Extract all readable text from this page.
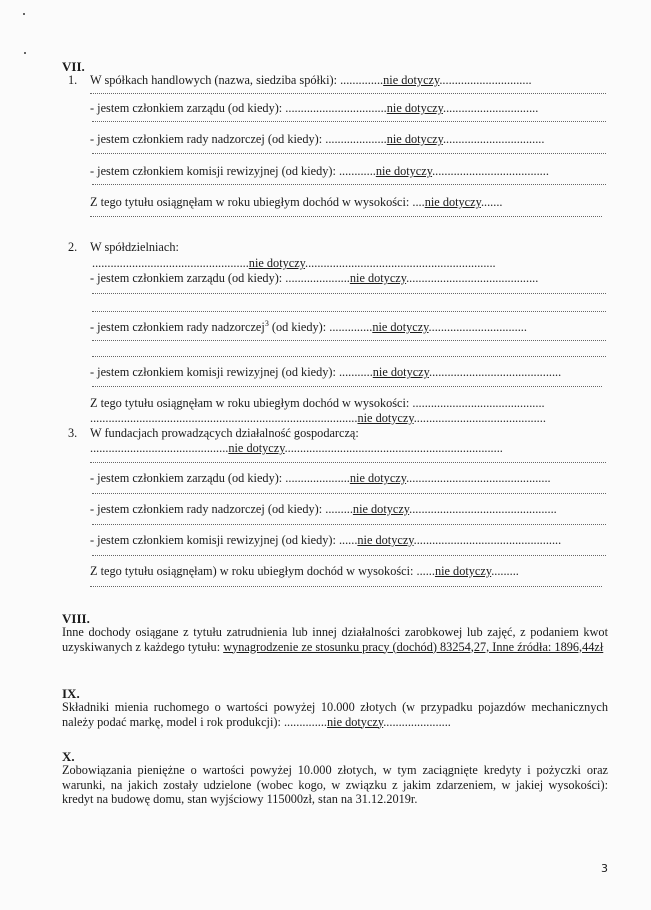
VII.
1. W spółkach handlowych (nazwa, siedziba spółki): ..............nie dotyczy..............................
- jestem członkiem zarządu (od kiedy): .................................nie dotyczy...............................
- jestem członkiem rady nadzorczej (od kiedy): ....................nie dotyczy.................................
- jestem członkiem komisji rewizyjnej (od kiedy): ............nie dotyczy......................................
Z tego tytułu osiągnęłam w roku ubiegłym dochód w wysokości: ....nie dotyczy.......
2. W spółdzielniach:
...................................................nie dotyczy..............................................................
- jestem członkiem zarządu (od kiedy): .....................nie dotyczy...........................................
- jestem członkiem rady nadzorczej$^3$ (od kiedy): ..............nie dotyczy................................
- jestem członkiem komisji rewizyjnej (od kiedy): ...........nie dotyczy...........................................
Z tego tytułu osiągnęłam w roku ubiegłym dochód w wysokości: ...........................................
.......................................................................................nie dotyczy...........................................
3. W fundacjach prowadzących działalność gospodarczą:
.............................................nie dotyczy.......................................................................
- jestem członkiem zarządu (od kiedy): .....................nie dotyczy...............................................
- jestem członkiem rady nadzorczej (od kiedy): .........nie dotyczy................................................
- jestem członkiem komisji rewizyjnej (od kiedy): ......nie dotyczy................................................
Z tego tytułu osiągnęłam) w roku ubiegłym dochód w wysokości: ......nie dotyczy.........
VIII.
Inne dochody osiągane z tytułu zatrudnienia lub innej działalności zarobkowej lub zajęć, z podaniem kwot uzyskiwanych z każdego tytułu: wynagrodzenie ze stosunku pracy (dochód) 83254,27, Inne źródła: 1896,44zł
IX.
Składniki mienia ruchomego o wartości powyżej 10.000 złotych (w przypadku pojazdów mechanicznych należy podać markę, model i rok produkcji): ..............nie dotyczy......................
X.
Zobowiązania pieniężne o wartości powyżej 10.000 złotych, w tym zaciągnięte kredyty i pożyczki oraz warunki, na jakich zostały udzielone (wobec kogo, w związku z jakim zdarzeniem, w jakiej wysokości): kredyt na budowę domu, stan wyjściowy 115000zł, stan na 31.12.2019r.
3
